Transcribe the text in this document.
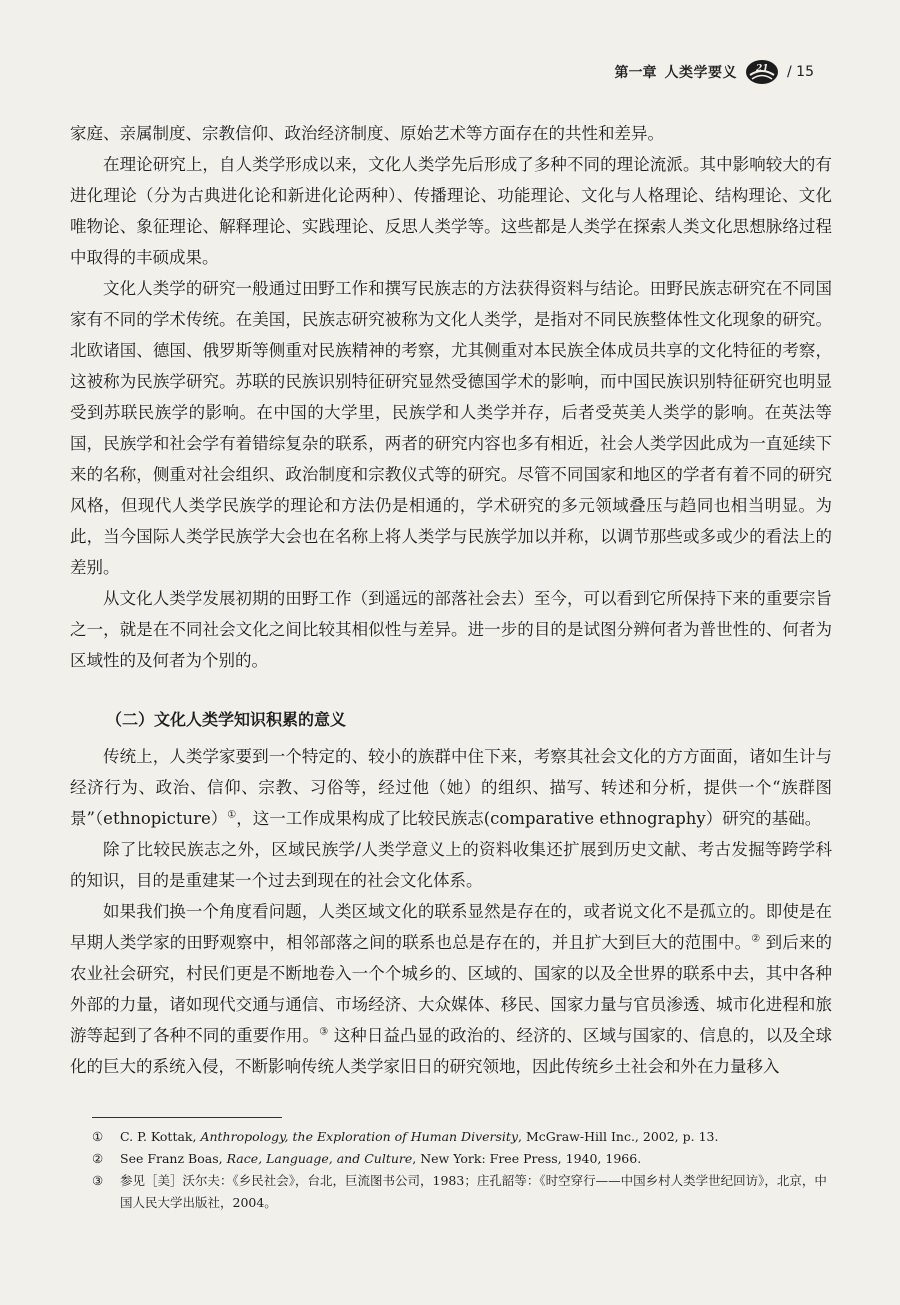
第一章 人类学要义 21 / 15

家庭、亲属制度、宗教信仰、政治经济制度、原始艺术等方面存在的共性和差异。

在理论研究上，自人类学形成以来，文化人类学先后形成了多种不同的理论流派。其中影响较大的有进化理论（分为古典进化论和新进化论两种）、传播理论、功能理论、文化与人格理论、结构理论、文化唯物论、象征理论、解释理论、实践理论、反思人类学等。这些都是人类学在探索人类文化思想脉络过程中取得的丰硕成果。

文化人类学的研究一般通过田野工作和撰写民族志的方法获得资料与结论。田野民族志研究在不同国家有不同的学术传统。在美国，民族志研究被称为文化人类学，是指对不同民族整体性文化现象的研究。北欧诸国、德国、俄罗斯等侧重对民族精神的考察，尤其侧重对本民族全体成员共享的文化特征的考察，这被称为民族学研究。苏联的民族识别特征研究显然受德国学术的影响，而中国民族识别特征研究也明显受到苏联民族学的影响。在中国的大学里，民族学和人类学并存，后者受英美人类学的影响。在英法等国，民族学和社会学有着错综复杂的联系，两者的研究内容也多有相近，社会人类学因此成为一直延续下来的名称，侧重对社会组织、政治制度和宗教仪式等的研究。尽管不同国家和地区的学者有着不同的研究风格，但现代人类学民族学的理论和方法仍是相通的，学术研究的多元领域叠压与趋同也相当明显。为此，当今国际人类学民族学大会也在名称上将人类学与民族学加以并称，以调节那些或多或少的看法上的差别。

从文化人类学发展初期的田野工作（到遥远的部落社会去）至今，可以看到它所保持下来的重要宗旨之一，就是在不同社会文化之间比较其相似性与差异。进一步的目的是试图分辨何者为普世性的、何者为区域性的及何者为个别的。

（二）文化人类学知识积累的意义

传统上，人类学家要到一个特定的、较小的族群中住下来，考察其社会文化的方方面面，诸如生计与经济行为、政治、信仰、宗教、习俗等，经过他（她）的组织、描写、转述和分析，提供一个“族群图景”（ethnopicture）①，这一工作成果构成了比较民族志(comparative ethnography）研究的基础。

除了比较民族志之外，区域民族学/人类学意义上的资料收集还扩展到历史文献、考古发掘等跨学科的知识，目的是重建某一个过去到现在的社会文化体系。

如果我们换一个角度看问题，人类区域文化的联系显然是存在的，或者说文化不是孤立的。即使是在早期人类学家的田野观察中，相邻部落之间的联系也总是存在的，并且扩大到巨大的范围中。② 到后来的农业社会研究，村民们更是不断地卷入一个个城乡的、区域的、国家的以及全世界的联系中去，其中各种外部的力量，诸如现代交通与通信、市场经济、大众媒体、移民、国家力量与官员渗透、城市化进程和旅游等起到了各种不同的重要作用。③ 这种日益凸显的政治的、经济的、区域与国家的、信息的，以及全球化的巨大的系统入侵，不断影响传统人类学家旧日的研究领地，因此传统乡土社会和外在力量移入

①	C. P. Kottak, Anthropology, the Exploration of Human Diversity, McGraw-Hill Inc., 2002, p. 13.
②	See Franz Boas, Race, Language, and Culture, New York: Free Press, 1940, 1966.
③	参见［美］沃尔夫：《乡民社会》，台北，巨流图书公司，1983；庄孔韶等：《时空穿行——中国乡村人类学世纪回访》，北京，中国人民大学出版社，2004。
